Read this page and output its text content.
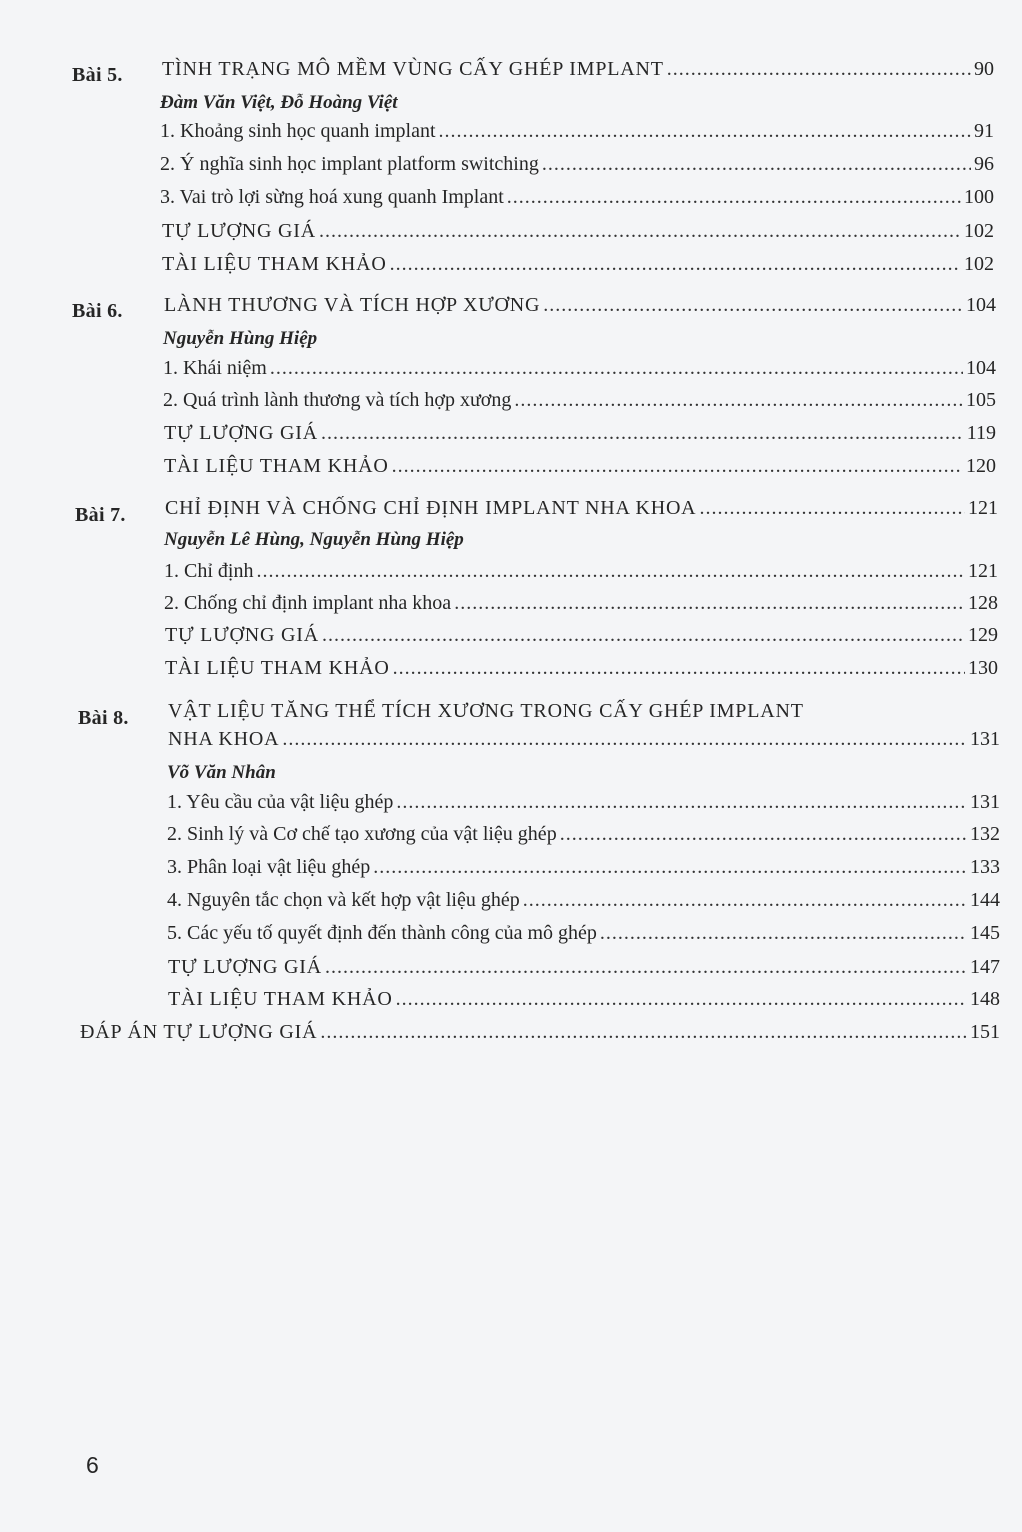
Bài 5. TÌNH TRẠNG MÔ MỀM VÙNG CẤY GHÉP IMPLANT .....	90
Đàm Văn Việt, Đỗ Hoàng Việt
1. Khoảng sinh học quanh implant .....	91
2. Ý nghĩa sinh học implant platform switching .....	96
3. Vai trò lợi sừng hoá xung quanh Implant .....	100
TỰ LƯỢNG GIÁ .....	102
TÀI LIỆU THAM KHẢO .....	102
Bài 6. LÀNH THƯƠNG VÀ TÍCH HỢP XƯƠNG .....	104
Nguyễn Hùng Hiệp
1. Khái niệm .....	104
2. Quá trình lành thương và tích hợp xương .....	105
TỰ LƯỢNG GIÁ .....	119
TÀI LIỆU THAM KHẢO .....	120
Bài 7. CHỈ ĐỊNH VÀ CHỐNG CHỈ ĐỊNH IMPLANT NHA KHOA .....	121
Nguyễn Lê Hùng, Nguyễn Hùng Hiệp
1. Chỉ định .....	121
2. Chống chỉ định implant nha khoa .....	128
TỰ LƯỢNG GIÁ .....	129
TÀI LIỆU THAM KHẢO .....	130
Bài 8. VẬT LIỆU TĂNG THỂ TÍCH XƯƠNG TRONG CẤY GHÉP IMPLANT
NHA KHOA .....	131
Võ Văn Nhân
1. Yêu cầu của vật liệu ghép .....	131
2. Sinh lý và Cơ chế tạo xương của vật liệu ghép .....	132
3. Phân loại vật liệu ghép .....	133
4. Nguyên tắc chọn và kết hợp vật liệu ghép .....	144
5. Các yếu tố quyết định đến thành công của mô ghép .....	145
TỰ LƯỢNG GIÁ .....	147
TÀI LIỆU THAM KHẢO .....	148
ĐÁP ÁN TỰ LƯỢNG GIÁ .....	151
6
